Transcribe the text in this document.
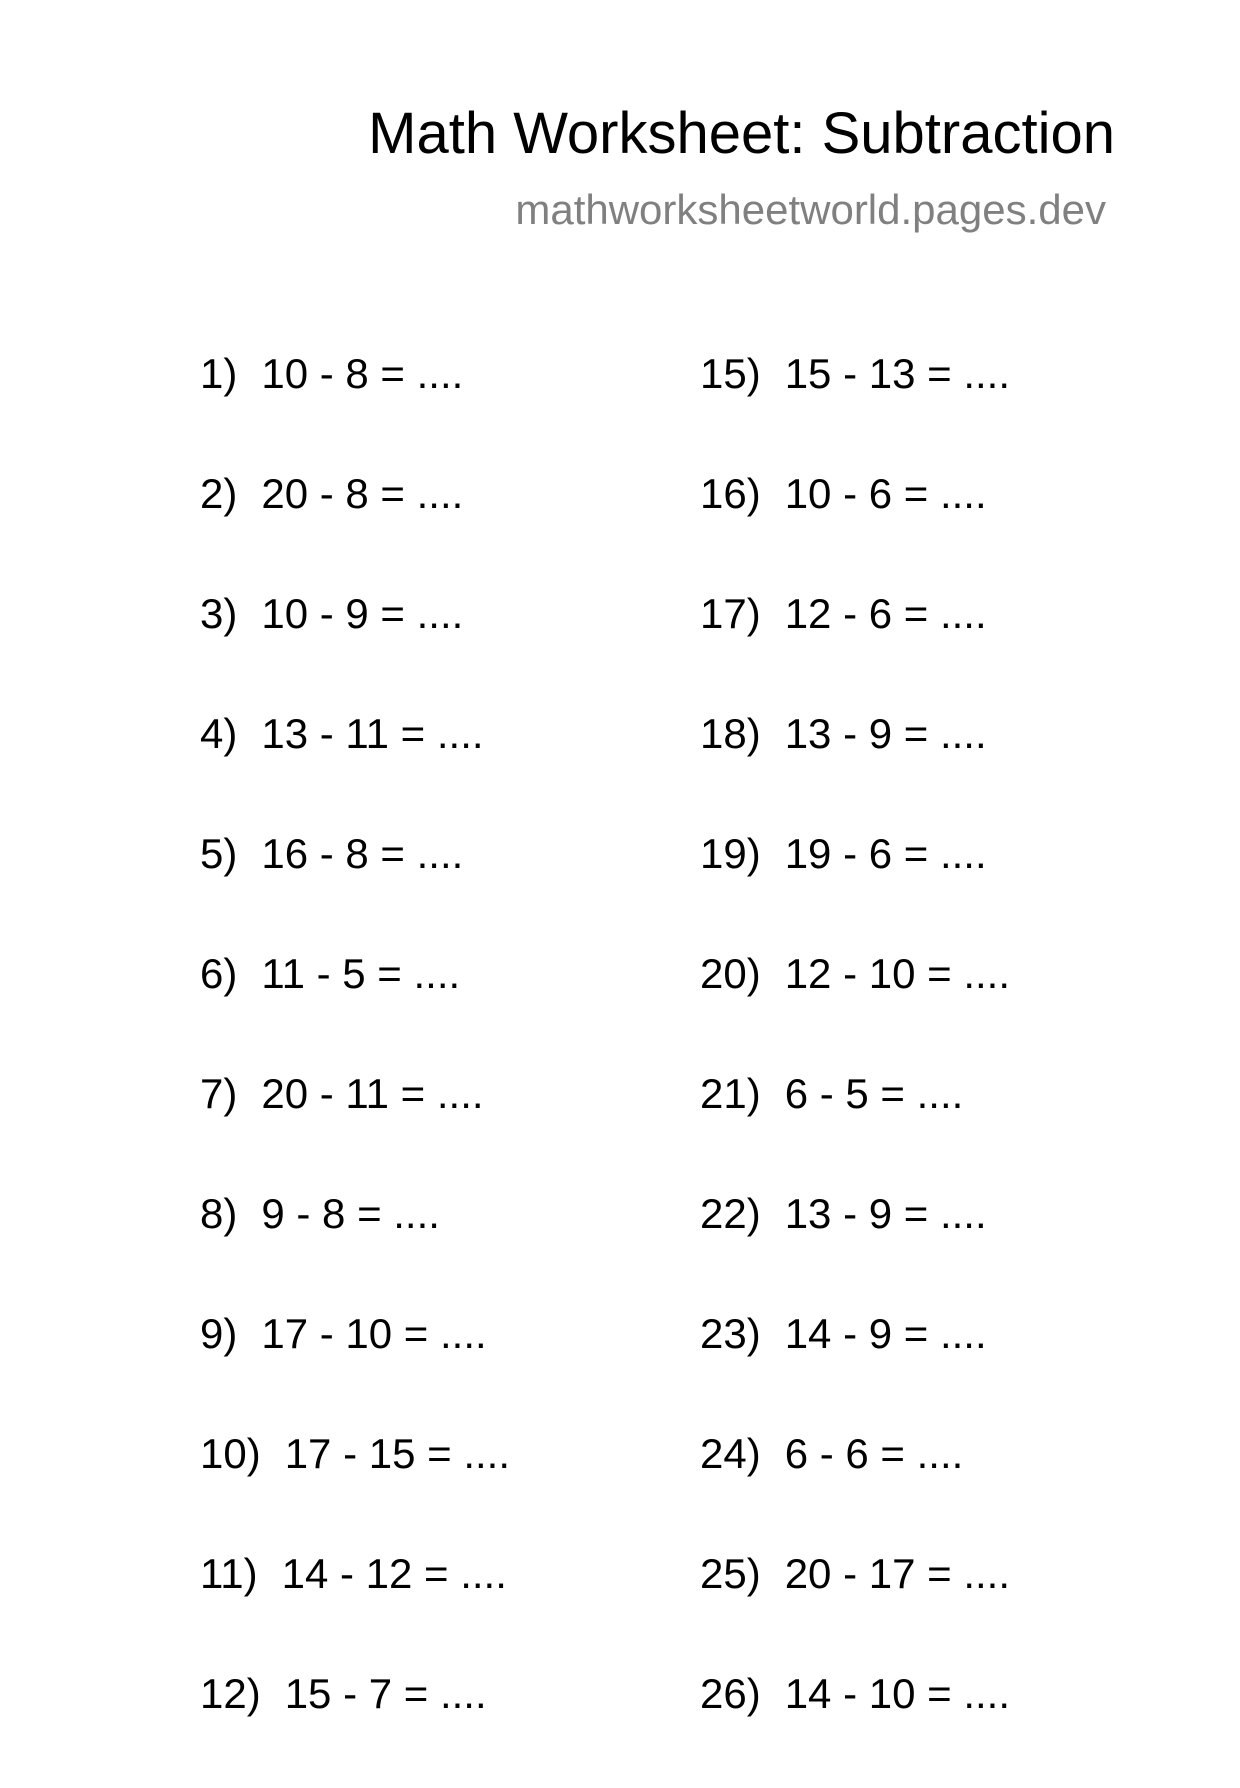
Math Worksheet: Subtraction
mathworksheetworld.pages.dev
1) 10 - 8 = ....
2) 20 - 8 = ....
3) 10 - 9 = ....
4) 13 - 11 = ....
5) 16 - 8 = ....
6) 11 - 5 = ....
7) 20 - 11 = ....
8) 9 - 8 = ....
9) 17 - 10 = ....
10) 17 - 15 = ....
11) 14 - 12 = ....
12) 15 - 7 = ....
15) 15 - 13 = ....
16) 10 - 6 = ....
17) 12 - 6 = ....
18) 13 - 9 = ....
19) 19 - 6 = ....
20) 12 - 10 = ....
21) 6 - 5 = ....
22) 13 - 9 = ....
23) 14 - 9 = ....
24) 6 - 6 = ....
25) 20 - 17 = ....
26) 14 - 10 = ....
